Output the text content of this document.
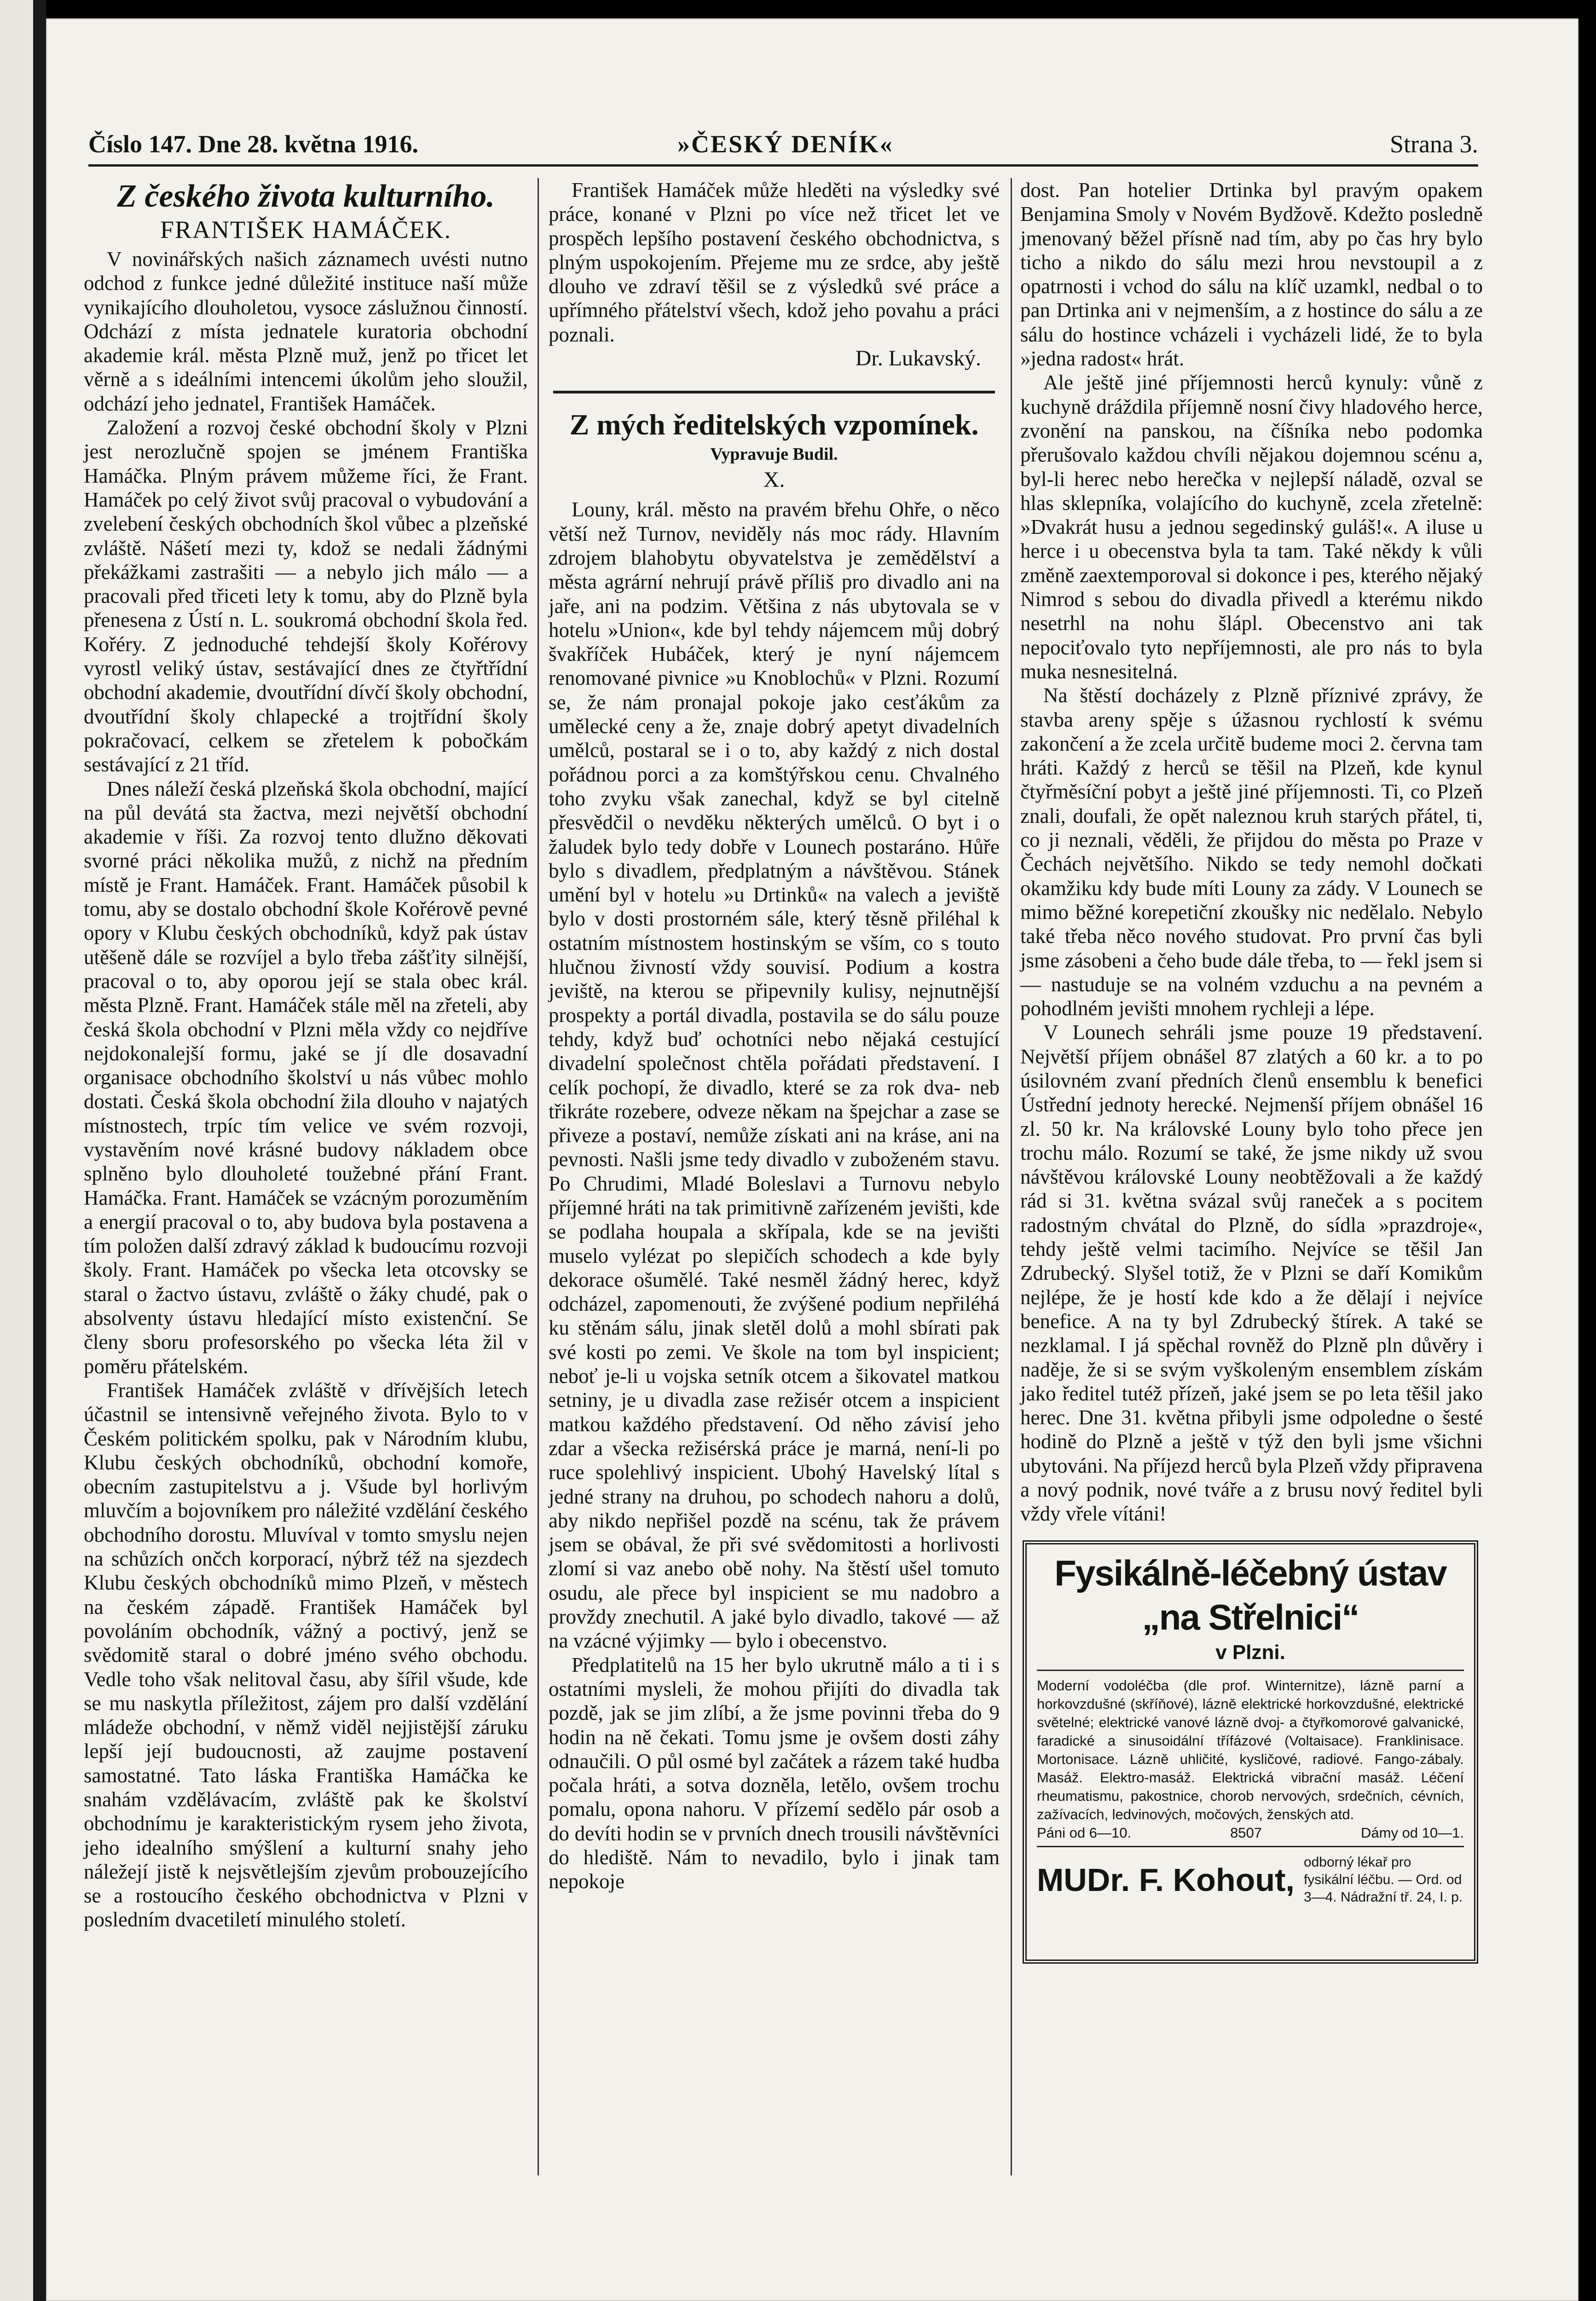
Číslo 147. Dne 28. května 1916.	»ČESKÝ DENÍK«	Strana 3.
Z českého života kulturního.
FRANTIŠEK HAMÁČEK.

V novinářských našich záznamech uvésti nutno odchod z funkce jedné důležité instituce naší může vynikajícího dlouholetou, vysoce záslužnou činností. Odchází z místa jednatele kuratoria obchodní akademie král. města Plzně muž, jenž po třicet let věrně a s ideálními intencemi úkolům jeho sloužil, odchází jeho jednatel, František Hamáček.

Založení a rozvoj české obchodní školy v Plzni jest nerozlučně spojen se jménem Františka Hamáčka. Plným právem můžeme říci, že Frant. Hamáček po celý život svůj pracoval o vybudování a zvelebení českých obchodních škol vůbec a plzeňské zvláště. Nášetí mezi ty, kdož se nedali žádnými překážkami zastrašiti — a nebylo jich málo — a pracovali před třiceti lety k tomu, aby do Plzně byla přenesena z Ústí n. L. soukromá obchodní škola řed. Kořéry. Z jednoduché tehdejší školy Kořérovy vyrostl veliký ústav, sestávající dnes ze čtyřtřídní obchodní akademie, dvoutřídní dívčí školy obchodní, dvoutřídní školy chlapecké a trojtřídní školy pokračovací, celkem se zřetelem k pobočkám sestávající z 21 tříd.

Dnes náleží česká plzeňská škola obchodní, mající na půl devátá sta žactva, mezi největší obchodní akademie v říši. Za rozvoj tento dlužno děkovati svorné práci několika mužů, z nichž na předním místě je Frant. Hamáček. Frant. Hamáček působil k tomu, aby se dostalo obchodní škole Kořérově pevné opory v Klubu českých obchodníků, když pak ústav utěšeně dále se rozvíjel a bylo třeba zášťity silnější, pracoval o to, aby oporou její se stala obec král. města Plzně. Frant. Hamáček stále měl na zřeteli, aby česká škola obchodní v Plzni měla vždy co nejdříve nejdokonalejší formu, jaké se jí dle dosavadní organisace obchodního školství u nás vůbec mohlo dostati. Česká škola obchodní žila dlouho v najatých místnostech, trpíc tím velice ve svém rozvoji, vystavěním nové krásné budovy nákladem obce splněno bylo dlouholeté toužebné přání Frant. Hamáčka. Frant. Hamáček se vzácným porozuměním a energií pracoval o to, aby budova byla postavena a tím položen další zdravý základ k budoucímu rozvoji školy. Frant. Hamáček po všecka leta otcovsky se staral o žactvo ústavu, zvláště o žáky chudé, pak o absolventy ústavu hledající místo existenční. Se členy sboru profesorského po všecka léta žil v poměru přátelském.

František Hamáček zvláště v dřívějších letech účastnil se intensivně veřejného života. Bylo to v Českém politickém spolku, pak v Národním klubu, Klubu českých obchodníků, obchodní komoře, obecním zastupitelstvu a j. Všude byl horlivým mluvčím a bojovníkem pro náležité vzdělání českého obchodního dorostu. Mluvíval v tomto smyslu nejen na schůzích ončch korporací, nýbrž též na sjezdech Klubu českých obchodníků mimo Plzeň, v městech na českém západě. František Hamáček byl povoláním obchodník, vážný a poctivý, jenž se svědomitě staral o dobré jméno svého obchodu. Vedle toho však nelitoval času, aby šířil všude, kde se mu naskytla příležitost, zájem pro další vzdělání mládeže obchodní, v němž viděl nejjistější záruku lepší její budoucnosti, až zaujme postavení samostatné. Tato láska Františka Hamáčka ke snahám vzdělávacím, zvláště pak ke školství obchodnímu je karakteristickým rysem jeho života, jeho idealního smýšlení a kulturní snahy jeho náležejí jistě k nejsvětlejším zjevům probouzejícího se a rostoucího českého obchodnictva v Plzni v posledním dvacetiletí minulého století.

František Hamáček může hleděti na výsledky své práce, konané v Plzni po více než třicet let ve prospěch lepšího postavení českého obchodnictva, s plným uspokojením. Přejeme mu ze srdce, aby ještě dlouho ve zdraví těšil se z výsledků své práce a upřímného přátelství všech, kdož jeho povahu a práci poznali.

Dr. Lukavský.
Z mých ředitelských vzpomínek.
Vypravuje Budil.
X.

Louny, král. město na pravém břehu Ohře, o něco větší než Turnov, neviděly nás moc rády. Hlavním zdrojem blahobytu obyvatelstva je zemědělství a města agrární nehrují právě příliš pro divadlo ani na jaře, ani na podzim. Většina z nás ubytovala se v hotelu »Union«, kde byl tehdy nájemcem můj dobrý švakříček Hubáček, který je nyní nájemcem renomované pivnice »u Knoblochů« v Plzni. Rozumí se, že nám pronajal pokoje jako cesťákům za umělecké ceny a že, znaje dobrý apetyt divadelních umělců, postaral se i o to, aby každý z nich dostal pořádnou porci a za komštýřskou cenu. Chvalného toho zvyku však zanechal, když se byl citelně přesvědčil o nevděku některých umělců. O byt i o žaludek bylo tedy dobře v Lounech postaráno. Hůře bylo s divadlem, předplatným a návštěvou. Stánek umění byl v hotelu »u Drtinků« na valech a jeviště bylo v dosti prostorném sále, který těsně přiléhal k ostatním místnostem hostinským se vším, co s touto hlučnou živností vždy souvisí. Podium a kostra jeviště, na kterou se připevnily kulisy, nejnutnější prospekty a portál divadla, postavila se do sálu pouze tehdy, když buď ochotníci nebo nějaká cestující divadelní společnost chtěla pořádati představení. I celík pochopí, že divadlo, které se za rok dva- neb třikráte rozebere, odveze někam na špejchar a zase se přiveze a postaví, nemůže získati ani na kráse, ani na pevnosti. Našli jsme tedy divadlo v zuboženém stavu. Po Chrudimi, Mladé Boleslavi a Turnovu nebylo příjemné hráti na tak primitivně zařízeném jevišti, kde se podlaha houpala a skřípala, kde se na jevišti muselo vylézat po slepičích schodech a kde byly dekorace ošumělé. Také nesměl žádný herec, když odcházel, zapomenouti, že zvýšené podium nepřiléhá ku stěnám sálu, jinak sletěl dolů a mohl sbírati pak své kosti po zemi. Ve škole na tom byl inspicient; neboť je-li u vojska setník otcem a šikovatel matkou setniny, je u divadla zase režisér otcem a inspicient matkou každého představení. Od něho závisí jeho zdar a všecka režisérská práce je marná, není-li po ruce spolehlivý inspicient. Ubohý Havelský lítal s jedné strany na druhou, po schodech nahoru a dolů, aby nikdo nepřišel pozdě na scénu, tak že právem jsem se obával, že při své svědomitosti a horlivosti zlomí si vaz anebo obě nohy. Na štěstí ušel tomuto osudu, ale přece byl inspicient se mu nadobro a provždy znechutil. A jaké bylo divadlo, takové — až na vzácné výjimky — bylo i obecenstvo.

Předplatitelů na 15 her bylo ukrutně málo a ti i s ostatními mysleli, že mohou přijíti do divadla tak pozdě, jak se jim zlíbí, a že jsme povinni třeba do 9 hodin na ně čekati. Tomu jsme je ovšem dosti záhy odnaučili. O půl osmé byl začátek a rázem také hudba počala hráti, a sotva dozněla, letělo, ovšem trochu pomalu, opona nahoru. V přízemí sedělo pár osob a do devíti hodin se v prvních dnech trousili návštěvníci do hlediště. Nám to nevadilo, bylo i jinak tam nepokoje

dost. Pan hotelier Drtinka byl pravým opakem Benjamina Smoly v Novém Bydžově. Kdežto posledně jmenovaný běžel přísně nad tím, aby po čas hry bylo ticho a nikdo do sálu mezi hrou nevstoupil a z opatrnosti i vchod do sálu na klíč uzamkl, nedbal o to pan Drtinka ani v nejmenším, a z hostince do sálu a ze sálu do hostince vcházeli i vycházeli lidé, že to byla »jedna radost« hrát.

Ale ještě jiné příjemnosti herců kynuly: vůně z kuchyně dráždila příjemně nosní čivy hladového herce, zvonění na panskou, na číšníka nebo podomka přerušovalo každou chvíli nějakou dojemnou scénu a, byl-li herec nebo herečka v nejlepší náladě, ozval se hlas sklepníka, volajícího do kuchyně, zcela zřetelně: »Dvakrát husu a jednou segedinský guláš!«. A iluse u herce i u obecenstva byla ta tam. Také někdy k vůli změně zaextemporoval si dokonce i pes, kterého nějaký Nimrod s sebou do divadla přivedl a kterému nikdo nesetrhl na nohu šlápl. Obecenstvo ani tak nepociťovalo tyto nepříjemnosti, ale pro nás to byla muka nesnesitelná.

Na štěstí docházely z Plzně příznivé zprávy, že stavba areny spěje s úžasnou rychlostí k svému zakončení a že zcela určitě budeme moci 2. června tam hráti. Každý z herců se těšil na Plzeň, kde kynul čtyřměsíční pobyt a ještě jiné příjemnosti. Ti, co Plzeň znali, doufali, že opět naleznou kruh starých přátel, ti, co ji neznali, věděli, že přijdou do města po Praze v Čechách největšího. Nikdo se tedy nemohl dočkati okamžiku kdy bude míti Louny za zády. V Lounech se mimo běžné korepetiční zkoušky nic nedělalo. Nebylo také třeba něco nového studovat. Pro první čas byli jsme zásobeni a čeho bude dále třeba, to — řekl jsem si — nastuduje se na volném vzduchu a na pevném a pohodlném jevišti mnohem rychleji a lépe.

V Lounech sehráli jsme pouze 19 představení. Největší příjem obnášel 87 zlatých a 60 kr. a to po úsilovném zvaní předních členů ensemblu k benefici Ústřední jednoty herecké. Nejmenší příjem obnášel 16 zl. 50 kr. Na královské Louny bylo toho přece jen trochu málo. Rozumí se také, že jsme nikdy už svou návštěvou královské Louny neobtěžovali a že každý rád si 31. května svázal svůj raneček a s pocitem radostným chvátal do Plzně, do sídla »prazdroje«, tehdy ještě velmi tacimího. Nejvíce se těšil Jan Zdrubecký. Slyšel totiž, že v Plzni se daří Komikům nejlépe, že je hostí kde kdo a že dělají i nejvíce benefice. A na ty byl Zdrubecký štírek. A také se nezklamal. I já spěchal rovněž do Plzně pln důvěry i naděje, že si se svým vyškoleným ensemblem získám jako ředitel tutéž přízeň, jaké jsem se po leta těšil jako herec. Dne 31. května přibyli jsme odpoledne o šesté hodině do Plzně a ještě v týž den byli jsme všichni ubytováni. Na příjezd herců byla Plzeň vždy připravena a nový podnik, nové tváře a z brusu nový ředitel byli vždy vřele vítáni!

Fysikálně-léčebný ústav „na Střelnici“
v Plzni.
Moderní vodoléčba (dle prof. Winternitze), lázně parní a horkovzdušné (skříňové), lázně elektrické horkovzdušné, elektrické světelné; elektrické vanové lázně dvoj- a čtyřkomorové galvanické, faradické a sinusoidální třífázové (Voltaisace). Franklinisace. Mortonisace. Lázně uhličité, kysličové, radiové. Fango-zábaly. Masáž. Elektro-masáž. Elektrická vibrační masáž. Léčení rheumatismu, pakostnice, chorob nervových, srdečních, cévních, zažívacích, ledvinových, močových, ženských atd.
Páni od 6—10.	8507	Dámy od 10—1.
MUDr. F. Kohout, odborný lékař pro fysikální léčbu. — Ord. od 3—4. Nádražní tř. 24, I. p.
